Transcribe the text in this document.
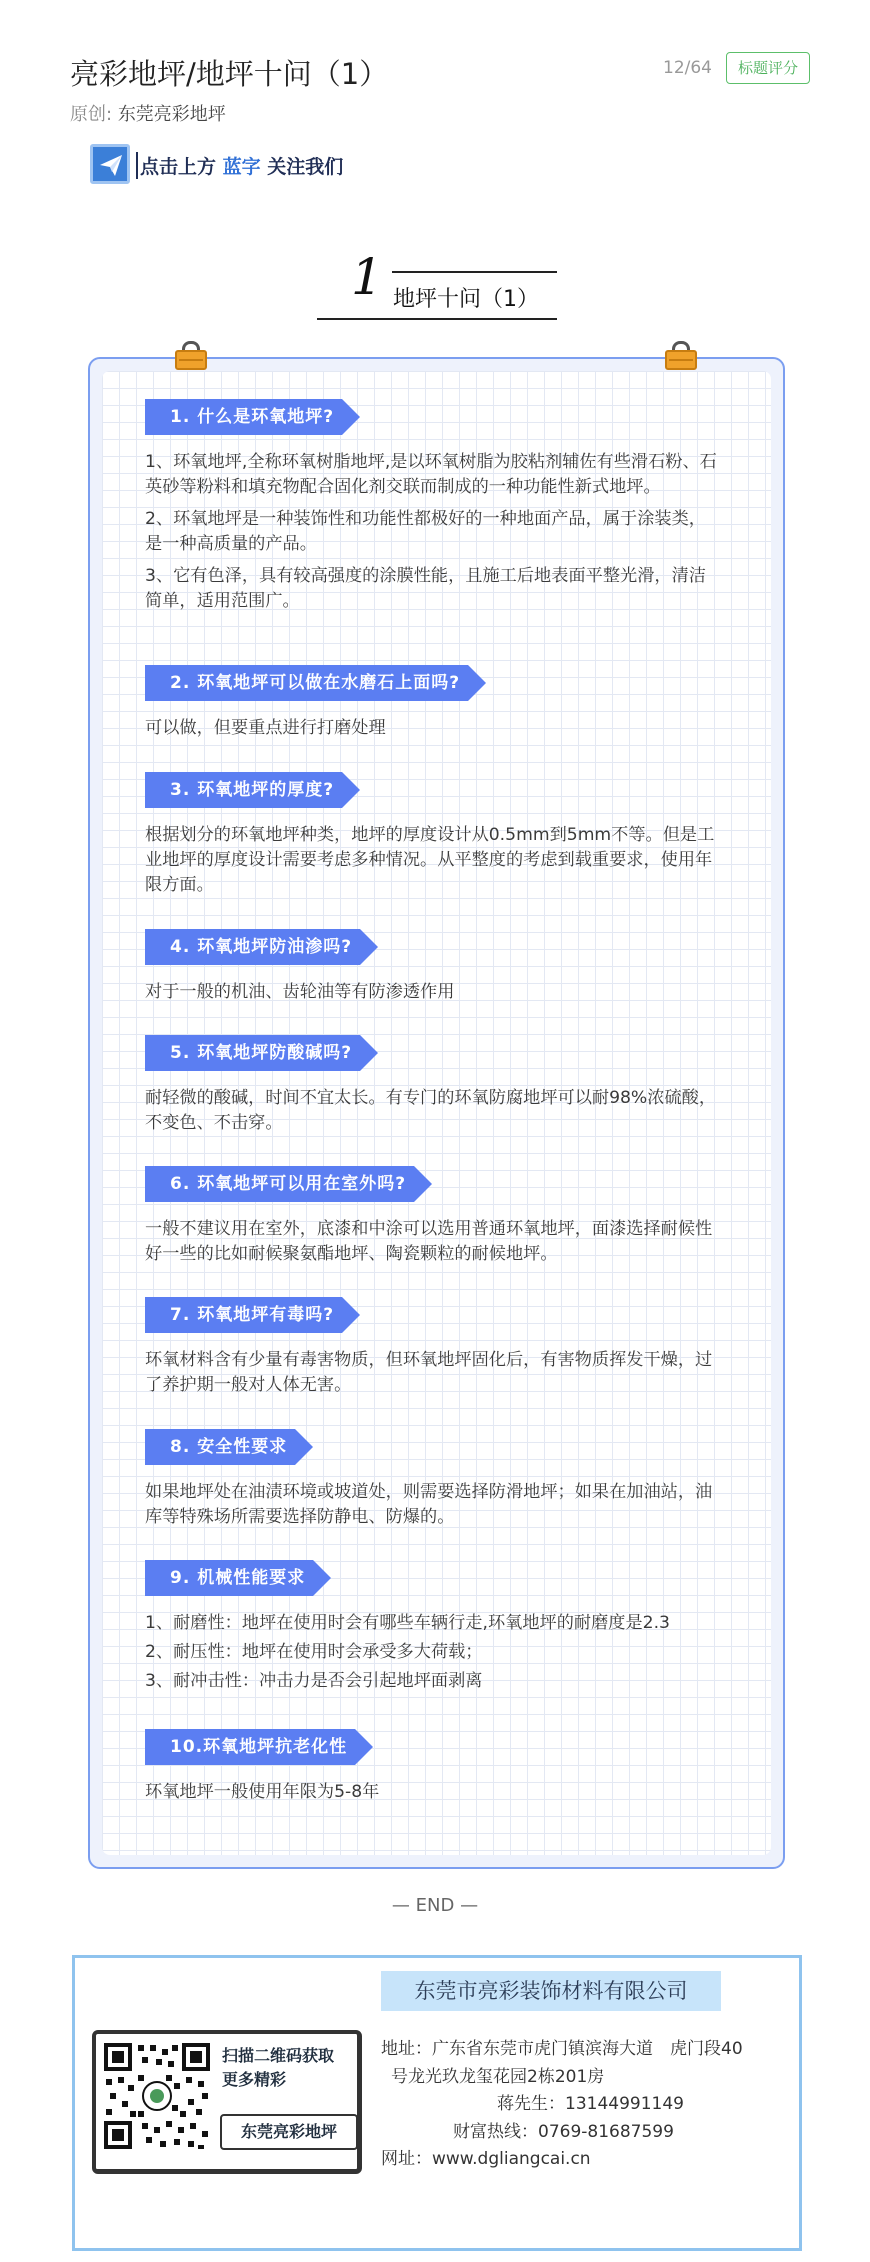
亮彩地坪/地坪十问（1）	12/64	标题评分
原创: 东莞亮彩地坪
点击上方 蓝字 关注我们
1 地坪十问（1）
1. 什么是环氧地坪?

1、环氧地坪,全称环氧树脂地坪,是以环氧树脂为胶粘剂辅佐有些滑石粉、石英砂等粉料和填充物配合固化剂交联而制成的一种功能性新式地坪。

2、环氧地坪是一种装饰性和功能性都极好的一种地面产品，属于涂装类，是一种高质量的产品。

3、它有色泽，具有较高强度的涂膜性能，且施工后地表面平整光滑，清洁简单，适用范围广。

2. 环氧地坪可以做在水磨石上面吗?

可以做，但要重点进行打磨处理

3. 环氧地坪的厚度?

根据划分的环氧地坪种类，地坪的厚度设计从0.5mm到5mm不等。但是工业地坪的厚度设计需要考虑多种情况。从平整度的考虑到载重要求，使用年限方面。

4. 环氧地坪防油渗吗?

对于一般的机油、齿轮油等有防渗透作用

5. 环氧地坪防酸碱吗?

耐轻微的酸碱，时间不宜太长。有专门的环氧防腐地坪可以耐98%浓硫酸，不变色、不击穿。

6. 环氧地坪可以用在室外吗?

一般不建议用在室外，底漆和中涂可以选用普通环氧地坪，面漆选择耐候性好一些的比如耐候聚氨酯地坪、陶瓷颗粒的耐候地坪。

7. 环氧地坪有毒吗?

环氧材料含有少量有毒害物质，但环氧地坪固化后，有害物质挥发干燥，过了养护期一般对人体无害。

8. 安全性要求

如果地坪处在油渍环境或坡道处，则需要选择防滑地坪；如果在加油站，油库等特殊场所需要选择防静电、防爆的。

9. 机械性能要求

1、耐磨性：地坪在使用时会有哪些车辆行走,环氧地坪的耐磨度是2.3

2、耐压性：地坪在使用时会承受多大荷载；

3、耐冲击性：冲击力是否会引起地坪面剥离

10.环氧地坪抗老化性

环氧地坪一般使用年限为5-8年

— END —
东莞市亮彩装饰材料有限公司
地址：广东省东莞市虎门镇滨海大道　虎门段40
号龙光玖龙玺花园2栋201房
蒋先生：13144991149
财富热线：0769-81687599
网址：www.dgliangcai.cn
扫描二维码获取
更多精彩
东莞亮彩地坪
